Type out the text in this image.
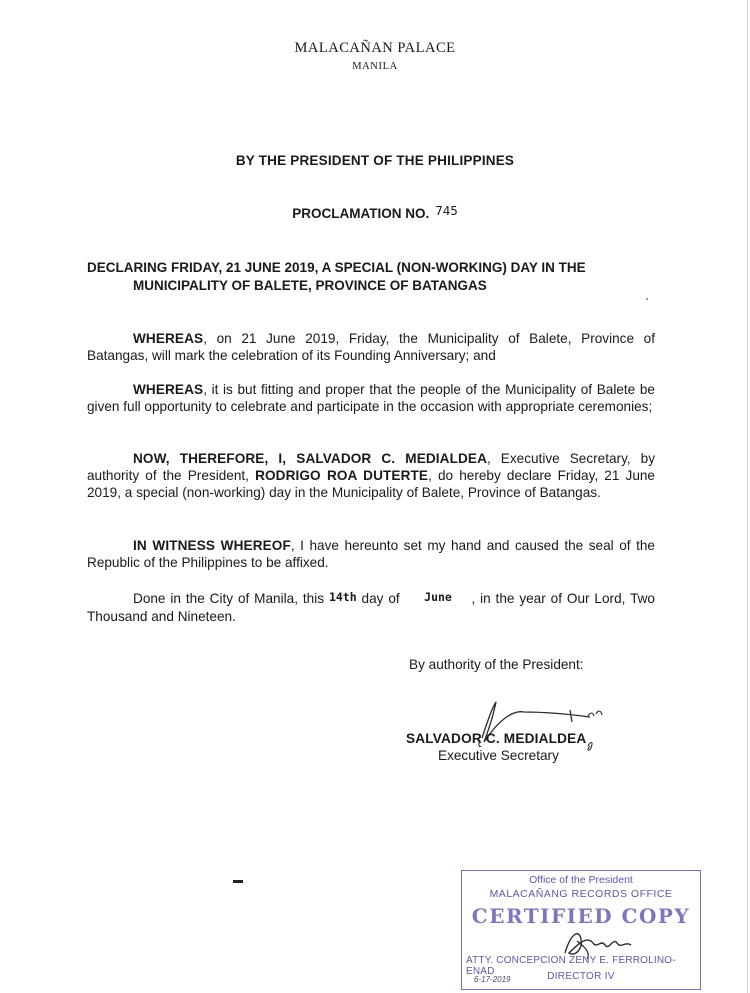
MALACAÑAN PALACE
MANILA
BY THE PRESIDENT OF THE PHILIPPINES
PROCLAMATION NO. 745
DECLARING FRIDAY, 21 JUNE 2019, A SPECIAL (NON-WORKING) DAY IN THE
MUNICIPALITY OF BALETE, PROVINCE OF BATANGAS
WHEREAS, on 21 June 2019, Friday, the Municipality of Balete, Province of Batangas, will mark the celebration of its Founding Anniversary; and
WHEREAS, it is but fitting and proper that the people of the Municipality of Balete be given full opportunity to celebrate and participate in the occasion with appropriate ceremonies;
NOW, THEREFORE, I, SALVADOR C. MEDIALDEA, Executive Secretary, by authority of the President, RODRIGO ROA DUTERTE, do hereby declare Friday, 21 June 2019, a special (non-working) day in the Municipality of Balete, Province of Batangas.
IN WITNESS WHEREOF, I have hereunto set my hand and caused the seal of the Republic of the Philippines to be affixed.
Done in the City of Manila, this 14th day of     June    , in the year of Our Lord, Two Thousand and Nineteen.
By authority of the President:
SALVADOR C. MEDIALDEA
Executive Secretary
Office of the President
MALACAÑANG RECORDS OFFICE
CERTIFIED COPY
ATTY. CONCEPCION ZENY E. FERROLINO-ENAD	DIRECTOR IV
6-17-2019
